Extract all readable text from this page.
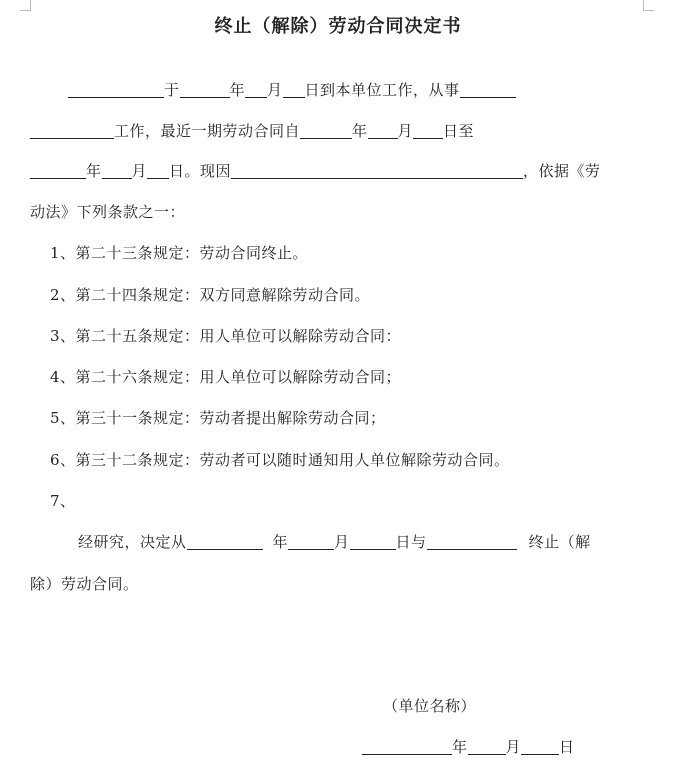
终止（解除）劳动合同决定书
于	年 月 日到本单位工作，从事
工作，最近一期劳动合同自	年 月 日至
年 月 日。现因	，依据《劳
动法》下列条款之一：
1、第二十三条规定：劳动合同终止。
2、第二十四条规定：双方同意解除劳动合同。
3、第二十五条规定：用人单位可以解除劳动合同：
4、第二十六条规定：用人单位可以解除劳动合同；
5、第三十一条规定：劳动者提出解除劳动合同；
6、第三十二条规定：劳动者可以随时通知用人单位解除劳动合同。
7、
经研究，决定从	年	月	日与	终止（解
除）劳动合同。
（单位名称）
年	月	日
